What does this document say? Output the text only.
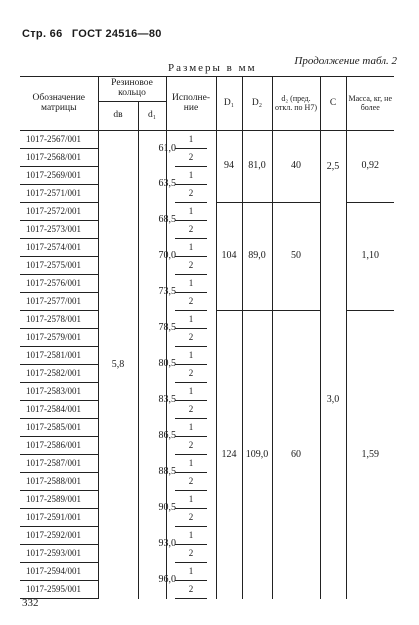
Стр. 66 ГОСТ 24516—80
Продолжение табл. 2
Размеры в мм
Обозначение матрицы	Резиновое кольцо		Исполне-ние	D₁	D₂	d₂ (пред. откл. по Н7)	С	Масса, кг, не более
	dв	d₁						
1017-2567/001	5,8	61,0	1	94	81,0	40	2,5	0,92
1017-2568/001			2					

1017-2569/001		63,5	1					

1017-2571/001			2					

1017-2572/001		68,5	1	104	89,0	50	3,0	1,10
1017-2573/001			2					

1017-2574/001		70,0	1					

1017-2575/001			2					

1017-2576/001		73,5	1					

1017-2577/001			2					

1017-2578/001		78,5	1	124	109,0	60		1,59
1017-2579/001			2					

1017-2581/001		80,5	1					

1017-2582/001			2					

1017-2583/001		83,5	1					

1017-2584/001			2					

1017-2585/001		86,5	1					

1017-2586/001			2					

1017-2587/001		88,5	1					

1017-2588/001			2					

1017-2589/001		90,5	1					

1017-2591/001			2					

1017-2592/001		93,0	1					

1017-2593/001			2					

1017-2594/001		96,0	1					

1017-2595/001			2					
332
